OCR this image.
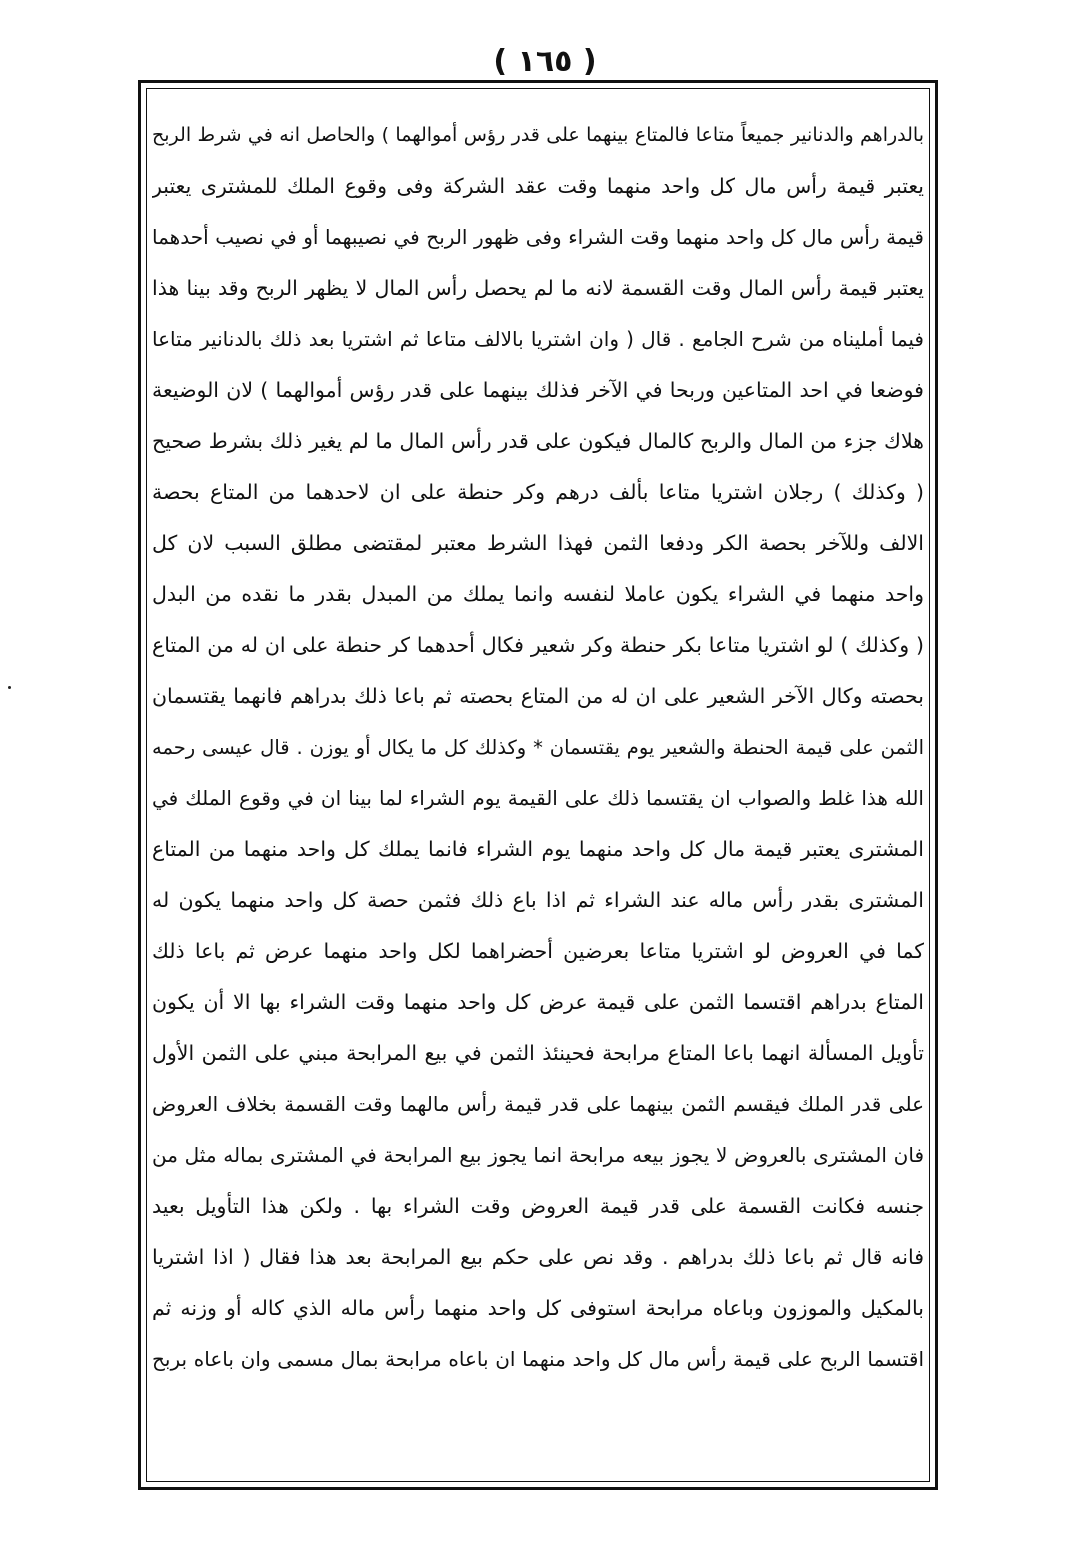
( ١٦٥ )
بالدراهم والدنانير جميعاً متاعا فالمتاع بينهما على قدر رؤس أموالهما ) والحاصل انه في شرط الربح
يعتبر قيمة رأس مال كل واحد منهما وقت عقد الشركة وفى وقوع الملك للمشترى يعتبر
قيمة رأس مال كل واحد منهما وقت الشراء وفى ظهور الربح في نصيبهما أو في نصيب أحدهما
يعتبر قيمة رأس المال وقت القسمة لانه ما لم يحصل رأس المال لا يظهر الربح وقد بينا هذا
فيما أمليناه من شرح الجامع . قال ( وان اشتريا بالالف متاعا ثم اشتريا بعد ذلك بالدنانير متاعا
فوضعا في احد المتاعين وربحا في الآخر فذلك بينهما على قدر رؤس أموالهما ) لان الوضيعة
هلاك جزء من المال والربح كالمال فيكون على قدر رأس المال ما لم يغير ذلك بشرط صحيح
( وكذلك ) رجلان اشتريا متاعا بألف درهم وكر حنطة على ان لاحدهما من المتاع بحصة
الالف وللآخر بحصة الكر ودفعا الثمن فهذا الشرط معتبر لمقتضى مطلق السبب لان كل
واحد منهما في الشراء يكون عاملا لنفسه وانما يملك من المبدل بقدر ما نقده من البدل
( وكذلك ) لو اشتريا متاعا بكر حنطة وكر شعير فكال أحدهما كر حنطة على ان له من المتاع
بحصته وكال الآخر الشعير على ان له من المتاع بحصته ثم باعا ذلك بدراهم فانهما يقتسمان
الثمن على قيمة الحنطة والشعير يوم يقتسمان * وكذلك كل ما يكال أو يوزن . قال عيسى رحمه
الله هذا غلط والصواب ان يقتسما ذلك على القيمة يوم الشراء لما بينا ان في وقوع الملك في
المشترى يعتبر قيمة مال كل واحد منهما يوم الشراء فانما يملك كل واحد منهما من المتاع
المشترى بقدر رأس ماله عند الشراء ثم اذا باع ذلك فثمن حصة كل واحد منهما يكون له
كما في العروض لو اشتريا متاعا بعرضين أحضراهما لكل واحد منهما عرض ثم باعا ذلك
المتاع بدراهم اقتسما الثمن على قيمة عرض كل واحد منهما وقت الشراء بها الا أن يكون
تأويل المسألة انهما باعا المتاع مرابحة فحينئذ الثمن في بيع المرابحة مبني على الثمن الأول
على قدر الملك فيقسم الثمن بينهما على قدر قيمة رأس مالهما وقت القسمة بخلاف العروض
فان المشترى بالعروض لا يجوز بيعه مرابحة انما يجوز بيع المرابحة في المشترى بماله مثل من
جنسه فكانت القسمة على قدر قيمة العروض وقت الشراء بها . ولكن هذا التأويل بعيد
فانه قال ثم باعا ذلك بدراهم . وقد نص على حكم بيع المرابحة بعد هذا فقال ( اذا اشتريا
بالمكيل والموزون وباعاه مرابحة استوفى كل واحد منهما رأس ماله الذي كاله أو وزنه ثم
اقتسما الربح على قيمة رأس مال كل واحد منهما ان باعاه مرابحة بمال مسمى وان باعاه بربح
